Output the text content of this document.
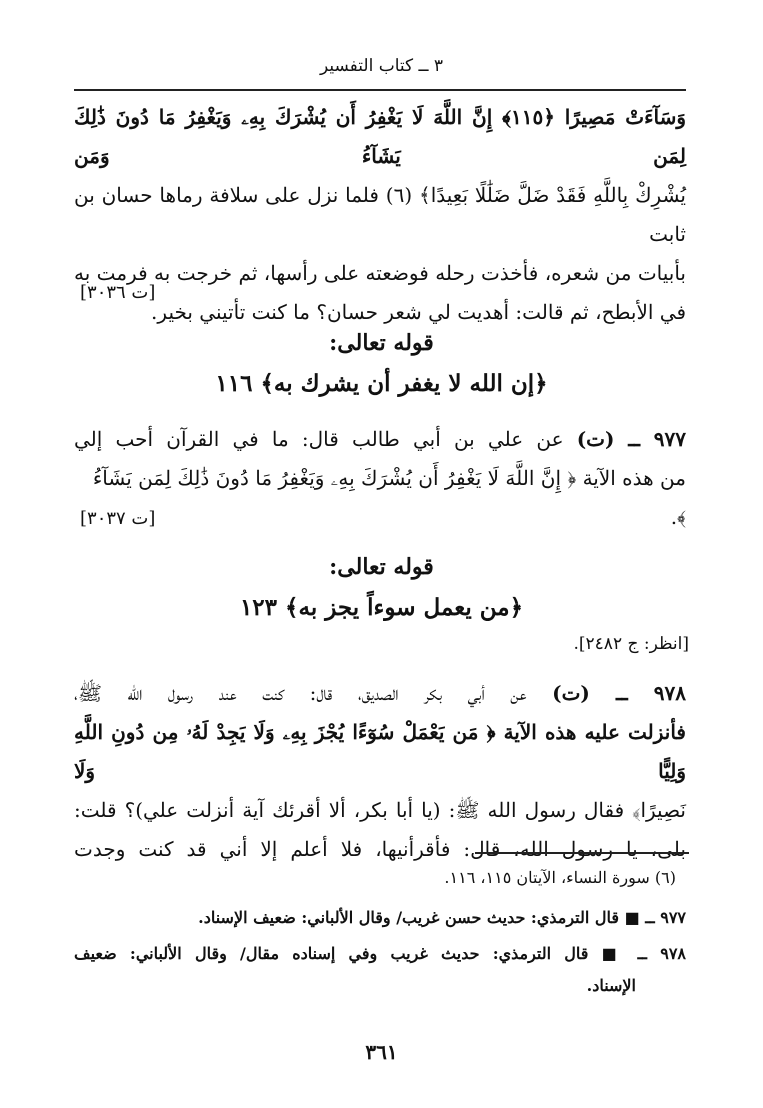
٣ ــ كتاب التفسير
وَسَآءَتْ مَصِيرًا ﴿١١٥﴾ إِنَّ اللَّهَ لَا يَغْفِرُ أَن يُشْرَكَ بِهِۦ وَيَغْفِرُ مَا دُونَ ذَٰلِكَ لِمَن يَشَآءُ وَمَن
يُشْرِكْ بِاللَّهِ فَقَدْ ضَلَّ ضَلَٰلًا بَعِيدًا﴾ (٦) فلما نزل على سلافة رماها حسان بن ثابت
بأبيات من شعره، فأخذت رحله فوضعته على رأسها، ثم خرجت به فرمت به
في الأبطح، ثم قالت: أهديت لي شعر حسان؟ ما كنت تأتيني بخير.
[ت ٣٠٣٦]
قوله تعالى:
﴿إن الله لا يغفر أن يشرك به﴾ ١١٦
٩٧٧ ــ (ت) عن علي بن أبي طالب قال: ما في القرآن أحب إلي
من هذه الآية ﴿ إِنَّ اللَّهَ لَا يَغْفِرُ أَن يُشْرَكَ بِهِۦ وَيَغْفِرُ مَا دُونَ ذَٰلِكَ لِمَن يَشَآءُ ﴾.
[ت ٣٠٣٧]
قوله تعالى:
﴿من يعمل سوءاً يجز به﴾ ١٢٣
[انظر: ج ٢٤٨٢].
٩٧٨ ــ (ت) عن أبي بكر الصديق، قال: كنت عند رسول الله ﷺ،
فأنزلت عليه هذه الآية ﴿ مَن يَعْمَلْ سُوٓءًا يُجْزَ بِهِۦ وَلَا يَجِدْ لَهُۥ مِن دُونِ اللَّهِ وَلِيًّا وَلَا
نَصِيرًا﴾ فقال رسول الله ﷺ: (يا أبا بكر، ألا أقرئك آية أنزلت علي)؟ قلت:
بلى، يا رسول الله، قال: فأقرأنيها، فلا أعلم إلا أني قد كنت وجدت
(٦) سورة النساء، الآيتان ١١٥، ١١٦.
٩٧٧ ــ ■ قال الترمذي: حديث حسن غريب/ وقال الألباني: ضعيف الإسناد.
٩٧٨ ــ ■ قال الترمذي: حديث غريب وفي إسناده مقال/ وقال الألباني: ضعيف
الإسناد.
٣٦١
